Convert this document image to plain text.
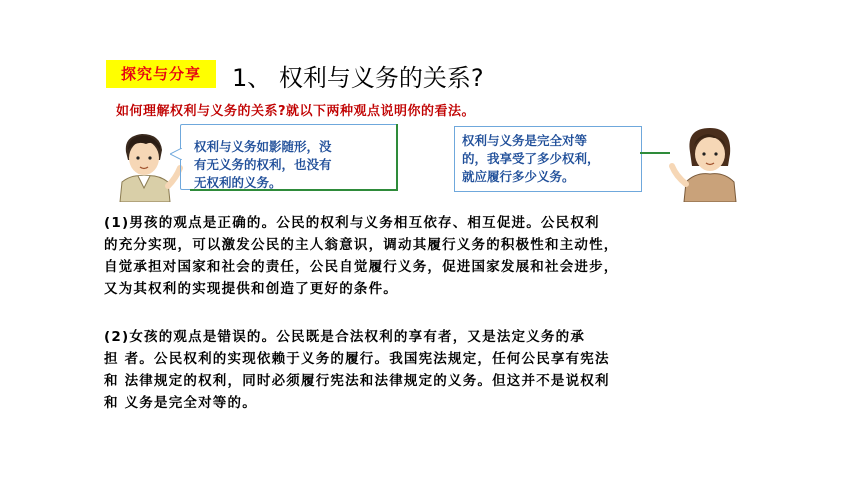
探究与分享	1、 权利与义务的关系?
如何理解权利与义务的关系?就以下两种观点说明你的看法。
权利与义务如影随形，没
有无义务的权利，也没有
无权利的义务。
权利与义务是完全对等
的，我享受了多少权利，
就应履行多少义务。
(1)男孩的观点是正确的。公民的权利与义务相互依存、相互促进。公民权利
的充分实现，可以激发公民的主人翁意识，调动其履行义务的积极性和主动性，
自觉承担对国家和社会的责任，公民自觉履行义务，促进国家发展和社会进步，
又为其权利的实现提供和创造了更好的条件。
(2)女孩的观点是错误的。公民既是合法权利的享有者，又是法定义务的承
担 者。公民权利的实现依赖于义务的履行。我国宪法规定，任何公民享有宪法
和 法律规定的权利，同时必须履行宪法和法律规定的义务。但这并不是说权利
和 义务是完全对等的。
